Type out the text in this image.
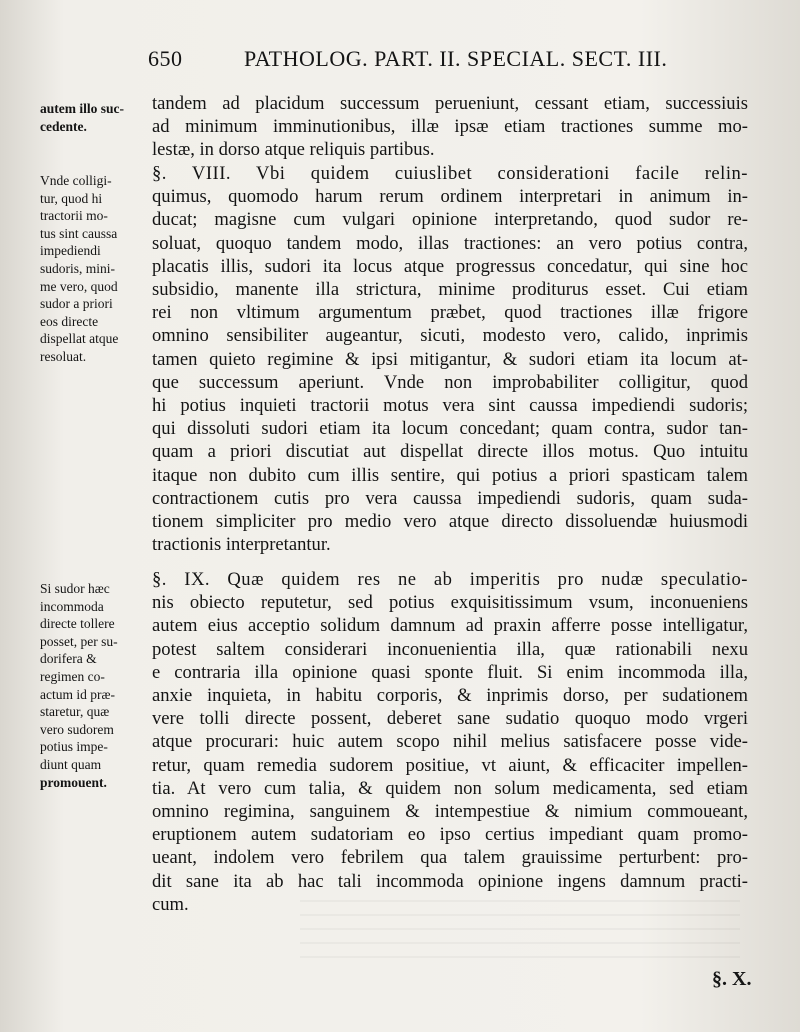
650	PATHOLOG. PART. II. SPECIAL. SECT. III.
autem illo suc-
cedente.
Vnde colligi-
tur, quod hi
tractorii mo-
tus sint caussa
impediendi
sudoris, mini-
me vero, quod
sudor a priori
eos directe
dispellat atque
resoluat.
Si sudor hæc
incommoda
directe tollere
posset, per su-
dorifera &
regimen co-
actum id præ-
staretur, quæ
vero sudorem
potius impe-
diunt quam
promouent.
tandem ad placidum successum perueniunt, cessant etiam, successiuis
ad minimum imminutionibus, illæ ipsæ etiam tractiones summe mo-
lestæ, in dorso atque reliquis partibus.
§. VIII. Vbi quidem cuiuslibet considerationi facile relin-
quimus, quomodo harum rerum ordinem interpretari in animum in-
ducat; magisne cum vulgari opinione interpretando, quod sudor re-
soluat, quoquo tandem modo, illas tractiones: an vero potius contra,
placatis illis, sudori ita locus atque progressus concedatur, qui sine hoc
subsidio, manente illa strictura, minime proditurus esset. Cui etiam
rei non vltimum argumentum præbet, quod tractiones illæ frigore
omnino sensibiliter augeantur, sicuti, modesto vero, calido, inprimis
tamen quieto regimine & ipsi mitigantur, & sudori etiam ita locum at-
que successum aperiunt. Vnde non improbabiliter colligitur, quod
hi potius inquieti tractorii motus vera sint caussa impediendi sudoris;
qui dissoluti sudori etiam ita locum concedant; quam contra, sudor tan-
quam a priori discutiat aut dispellat directe illos motus. Quo intuitu
itaque non dubito cum illis sentire, qui potius a priori spasticam talem
contractionem cutis pro vera caussa impediendi sudoris, quam suda-
tionem simpliciter pro medio vero atque directo dissoluendæ huiusmodi
tractionis interpretantur.
§. IX. Quæ quidem res ne ab imperitis pro nudæ speculatio-
nis obiecto reputetur, sed potius exquisitissimum vsum, inconueniens
autem eius acceptio solidum damnum ad praxin afferre posse intelligatur,
potest saltem considerari inconuenientia illa, quæ rationabili nexu
e contraria illa opinione quasi sponte fluit. Si enim incommoda illa,
anxie inquieta, in habitu corporis, & inprimis dorso, per sudationem
vere tolli directe possent, deberet sane sudatio quoquo modo vrgeri
atque procurari: huic autem scopo nihil melius satisfacere posse vide-
retur, quam remedia sudorem positiue, vt aiunt, & efficaciter impellen-
tia. At vero cum talia, & quidem non solum medicamenta, sed etiam
omnino regimina, sanguinem & intempestiue & nimium commoueant,
eruptionem autem sudatoriam eo ipso certius impediant quam promo-
ueant, indolem vero febrilem qua talem grauissime perturbent: pro-
dit sane ita ab hac tali incommoda opinione ingens damnum practi-
cum.
§. X.
